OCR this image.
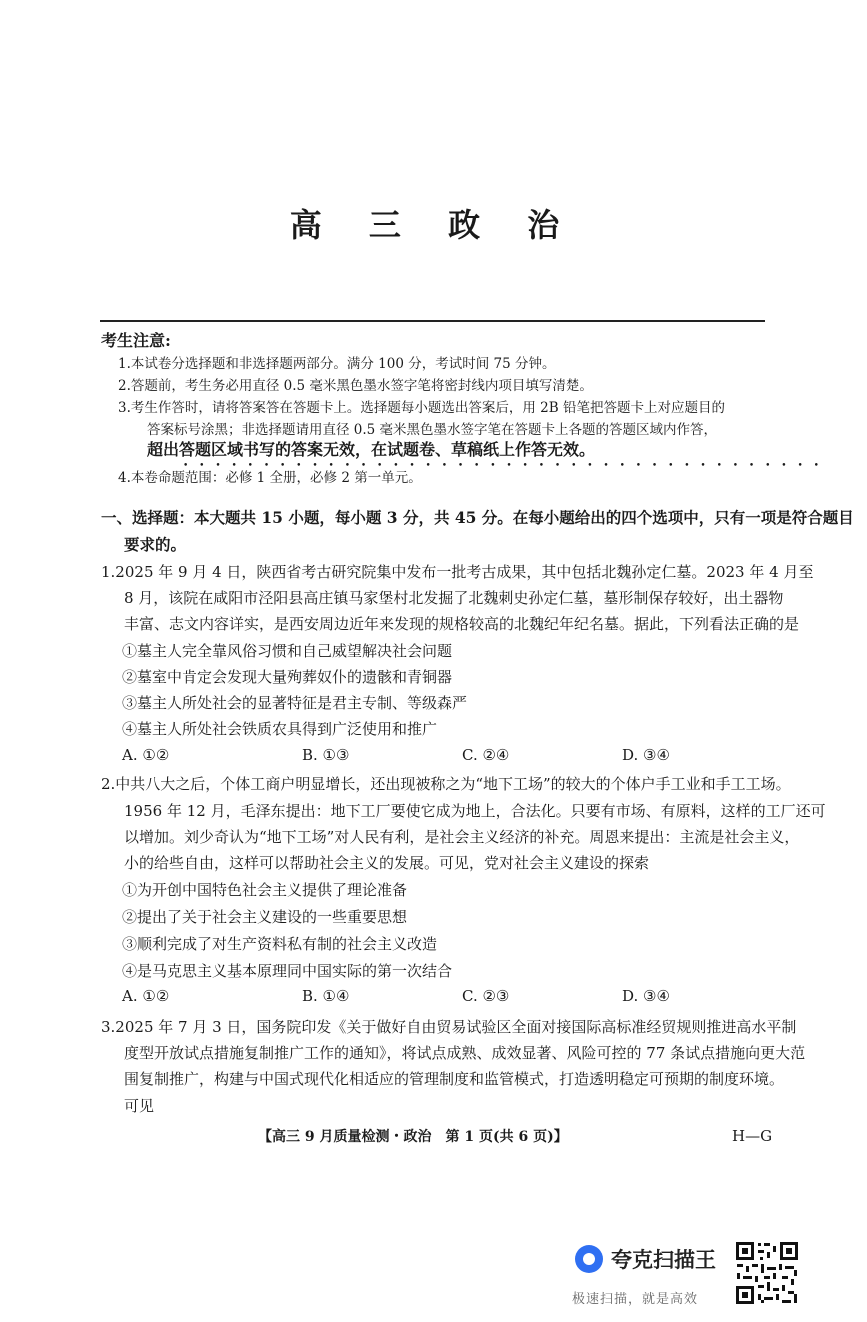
高 三 政 治
考生注意:
1.本试卷分选择题和非选择题两部分。满分 100 分，考试时间 75 分钟。
2.答题前，考生务必用直径 0.5 毫米黑色墨水签字笔将密封线内项目填写清楚。
3.考生作答时，请将答案答在答题卡上。选择题每小题选出答案后，用 2B 铅笔把答题卡上对应题目的
答案标号涂黑；非选择题请用直径 0.5 毫米黑色墨水签字笔在答题卡上各题的答题区域内作答，
超出答题区域书写的答案无效，在试题卷、草稿纸上作答无效。
• • • • • • • • • • • • • • • • • • • • • • • • • • • • • • • • • • • • • • • •
4.本卷命题范围：必修 1 全册，必修 2 第一单元。
一、选择题：本大题共 15 小题，每小题 3 分，共 45 分。在每小题给出的四个选项中，只有一项是符合题目
要求的。
1.2025 年 9 月 4 日，陕西省考古研究院集中发布一批考古成果，其中包括北魏孙定仁墓。2023 年 4 月至
8 月，该院在咸阳市泾阳县高庄镇马家堡村北发掘了北魏刺史孙定仁墓，墓形制保存较好，出土器物
丰富、志文内容详实，是西安周边近年来发现的规格较高的北魏纪年纪名墓。据此，下列看法正确的是
①墓主人完全靠风俗习惯和自己威望解决社会问题
②墓室中肯定会发现大量殉葬奴仆的遗骸和青铜器
③墓主人所处社会的显著特征是君主专制、等级森严
④墓主人所处社会铁质农具得到广泛使用和推广
A. ①②	B. ①③	C. ②④	D. ③④
2.中共八大之后，个体工商户明显增长，还出现被称之为“地下工场”的较大的个体户手工业和手工工场。
1956 年 12 月，毛泽东提出：地下工厂要使它成为地上，合法化。只要有市场、有原料，这样的工厂还可
以增加。刘少奇认为“地下工场”对人民有利，是社会主义经济的补充。周恩来提出：主流是社会主义，
小的给些自由，这样可以帮助社会主义的发展。可见，党对社会主义建设的探索
①为开创中国特色社会主义提供了理论准备
②提出了关于社会主义建设的一些重要思想
③顺利完成了对生产资料私有制的社会主义改造
④是马克思主义基本原理同中国实际的第一次结合
A. ①②	B. ①④	C. ②③	D. ③④
3.2025 年 7 月 3 日，国务院印发《关于做好自由贸易试验区全面对接国际高标准经贸规则推进高水平制
度型开放试点措施复制推广工作的通知》，将试点成熟、成效显著、风险可控的 77 条试点措施向更大范
围复制推广，构建与中国式现代化相适应的管理制度和监管模式，打造透明稳定可预期的制度环境。
可见
【高三 9 月质量检测・政治　第 1 页(共 6 页)】	H—G
夸克扫描王
极速扫描，就是高效
